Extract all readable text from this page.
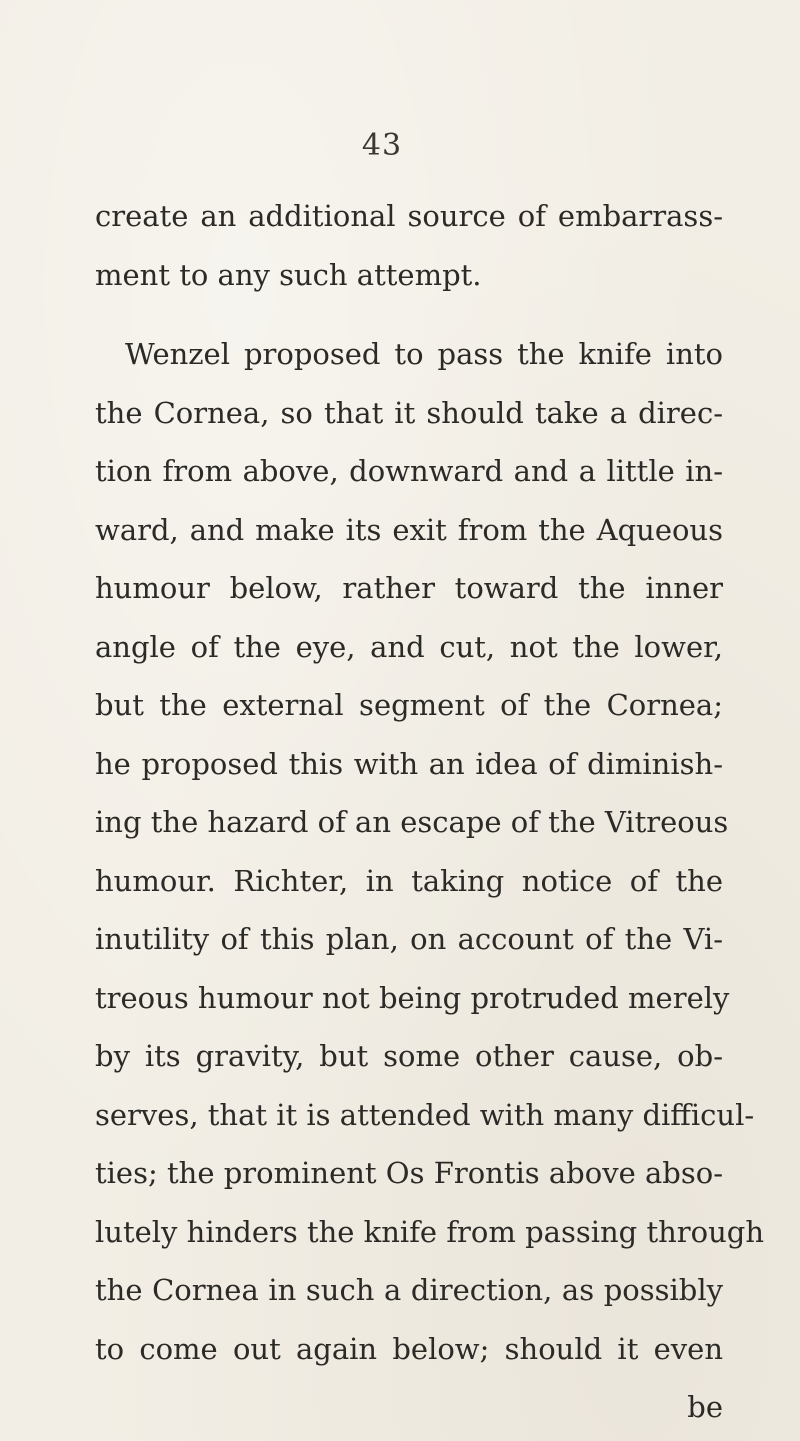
43
create an additional source of embarrass-
ment to any such attempt.
Wenzel proposed to pass the knife into
the Cornea, so that it should take a direc-
tion from above, downward and a little in-
ward, and make its exit from the Aqueous
humour below, rather toward the inner
angle of the eye, and cut, not the lower,
but the external segment of the Cornea;
he proposed this with an idea of diminish-
ing the hazard of an escape of the Vitreous
humour. Richter, in taking notice of the
inutility of this plan, on account of the Vi-
treous humour not being protruded merely
by its gravity, but some other cause, ob-
serves, that it is attended with many difficul-
ties; the prominent Os Frontis above abso-
lutely hinders the knife from passing through
the Cornea in such a direction, as possibly
to come out again below; should it even
be
